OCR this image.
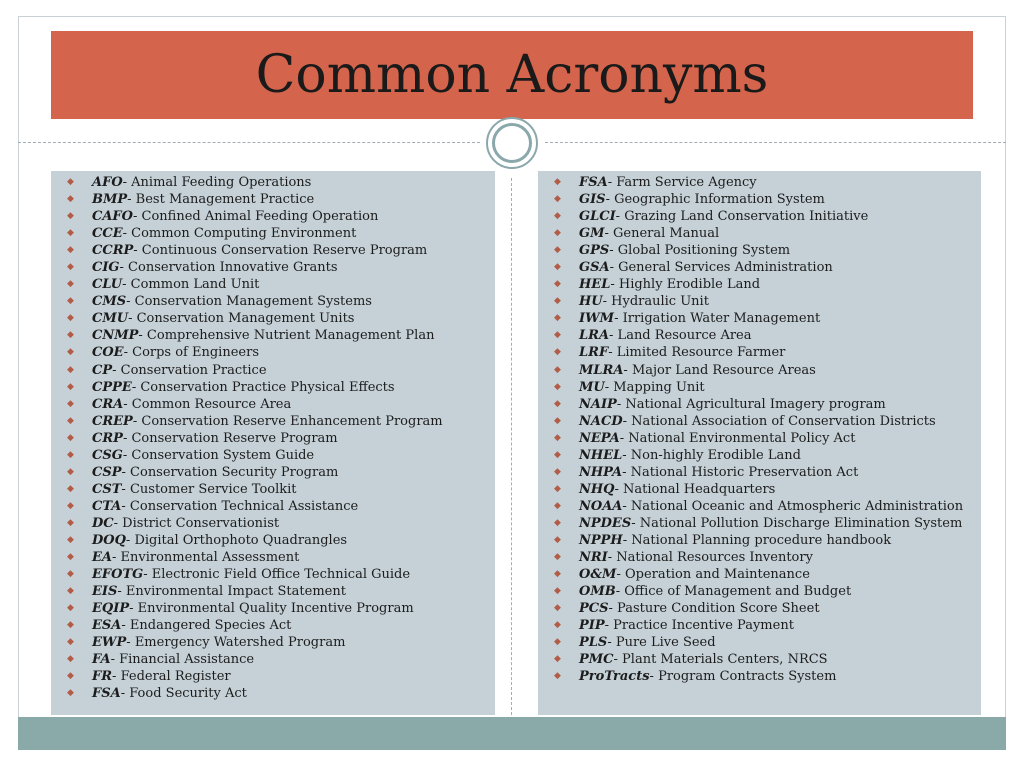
Common Acronyms
◆ AFO- Animal Feeding Operations
◆ BMP- Best Management Practice
◆ CAFO- Confined Animal Feeding Operation
◆ CCE- Common Computing Environment
◆ CCRP- Continuous Conservation Reserve Program
◆ CIG- Conservation Innovative Grants
◆ CLU- Common Land Unit
◆ CMS- Conservation Management Systems
◆ CMU- Conservation Management Units
◆ CNMP- Comprehensive Nutrient Management Plan
◆ COE- Corps of Engineers
◆ CP- Conservation Practice
◆ CPPE- Conservation Practice Physical Effects
◆ CRA- Common Resource Area
◆ CREP- Conservation Reserve Enhancement Program
◆ CRP- Conservation Reserve Program
◆ CSG- Conservation System Guide
◆ CSP- Conservation Security Program
◆ CST- Customer Service Toolkit
◆ CTA- Conservation Technical Assistance
◆ DC- District Conservationist
◆ DOQ- Digital Orthophoto Quadrangles
◆ EA- Environmental Assessment
◆ EFOTG- Electronic Field Office Technical Guide
◆ EIS- Environmental Impact Statement
◆ EQIP- Environmental Quality Incentive Program
◆ ESA- Endangered Species Act
◆ EWP- Emergency Watershed Program
◆ FA- Financial Assistance
◆ FR- Federal Register
◆ FSA- Food Security Act
◆ FSA- Farm Service Agency
◆ GIS- Geographic Information System
◆ GLCI- Grazing Land Conservation Initiative
◆ GM- General Manual
◆ GPS- Global Positioning System
◆ GSA- General Services Administration
◆ HEL- Highly Erodible Land
◆ HU- Hydraulic Unit
◆ IWM- Irrigation Water Management
◆ LRA- Land Resource Area
◆ LRF- Limited Resource Farmer
◆ MLRA- Major Land Resource Areas
◆ MU- Mapping Unit
◆ NAIP- National Agricultural Imagery program
◆ NACD- National Association of Conservation Districts
◆ NEPA- National Environmental Policy Act
◆ NHEL- Non-highly Erodible Land
◆ NHPA- National Historic Preservation Act
◆ NHQ- National Headquarters
◆ NOAA- National Oceanic and Atmospheric Administration
◆ NPDES- National Pollution Discharge Elimination System
◆ NPPH- National Planning procedure handbook
◆ NRI- National Resources Inventory
◆ O&M- Operation and Maintenance
◆ OMB- Office of Management and Budget
◆ PCS- Pasture Condition Score Sheet
◆ PIP- Practice Incentive Payment
◆ PLS- Pure Live Seed
◆ PMC- Plant Materials Centers, NRCS
◆ ProTracts- Program Contracts System
